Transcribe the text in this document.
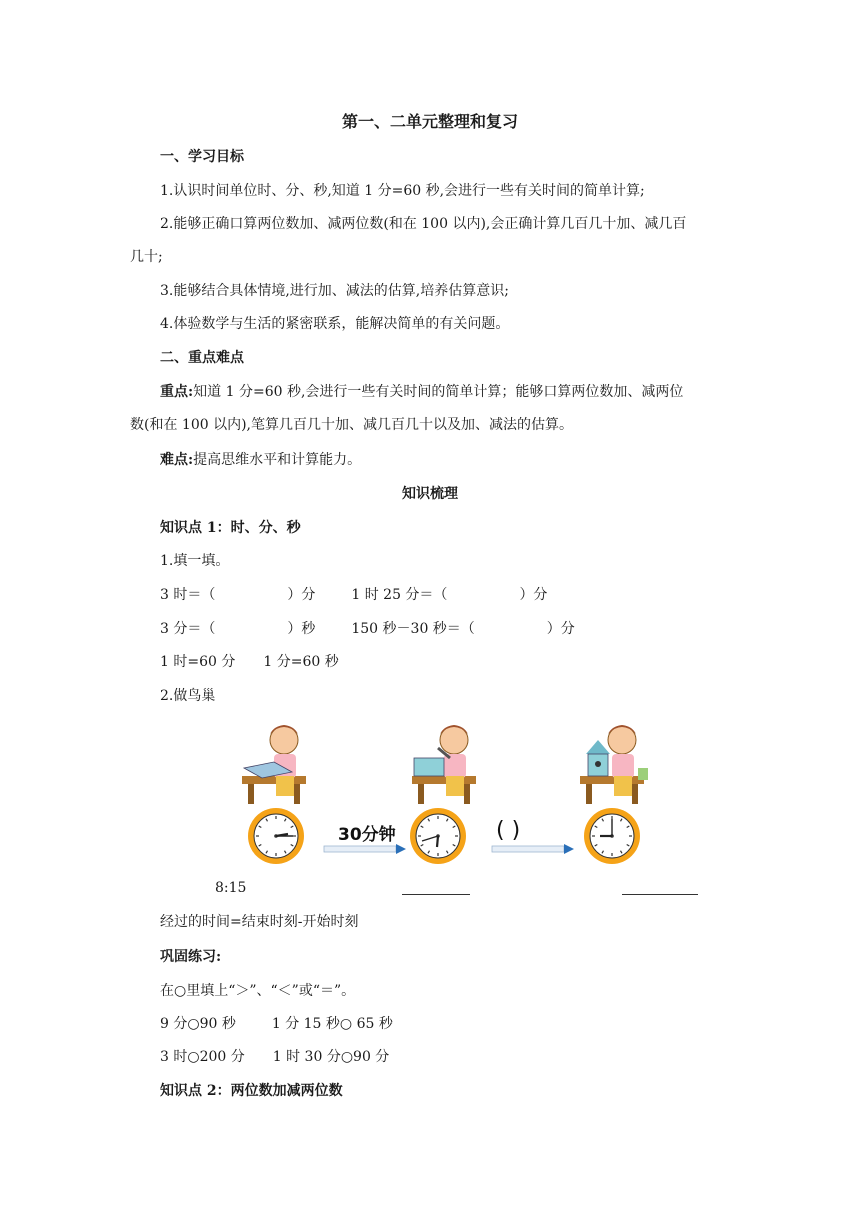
第一、二单元整理和复习
一、学习目标
1.认识时间单位时、分、秒,知道 1 分=60 秒,会进行一些有关时间的简单计算;
2.能够正确口算两位数加、减两位数(和在 100 以内),会正确计算几百几十加、减几百
几十;
3.能够结合具体情境,进行加、减法的估算,培养估算意识;
4.体验数学与生活的紧密联系，能解决简单的有关问题。
二、重点难点
重点:知道 1 分=60 秒,会进行一些有关时间的简单计算；能够口算两位数加、减两位
数(和在 100 以内),笔算几百几十加、减几百几十以及加、减法的估算。
难点:提高思维水平和计算能力。
知识梳理
知识点 1：时、分、秒
1.填一填。
3 时＝（	）分	1 时 25 分＝（	）分
3 分＝（	）秒	150 秒－30 秒＝（	）分
1 时=60 分 1 分=60 秒
2.做鸟巢
30分钟	( )
8:15
经过的时间=结束时刻-开始时刻
巩固练习:
在○里填上“＞”、“＜”或“＝”。
9 分○90 秒	1 分 15 秒○ 65 秒
3 时○200 分 1 时 30 分○90 分
知识点 2：两位数加减两位数
